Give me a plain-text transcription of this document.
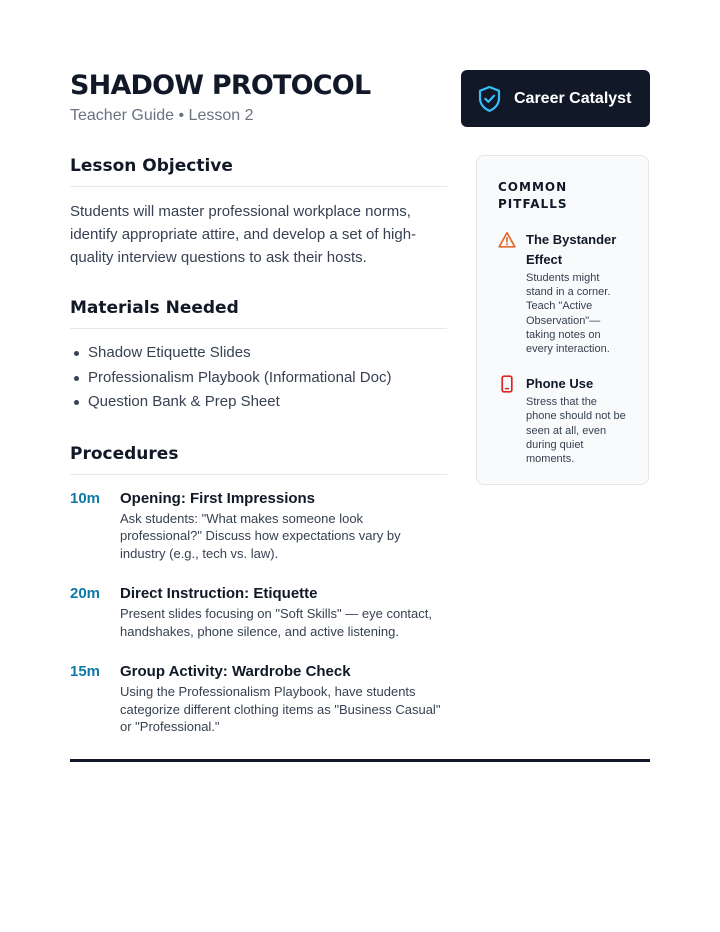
SHADOW PROTOCOL
Teacher Guide • Lesson 2
Career Catalyst
Lesson Objective

Students will master professional workplace norms, identify appropriate attire, and develop a set of high-quality interview questions to ask their hosts.

Materials Needed
Shadow Etiquette Slides
Professionalism Playbook (Informational Doc)
Question Bank & Prep Sheet
Procedures
10m	Opening: First Impressions
Ask students: "What makes someone look professional?" Discuss how expectations vary by industry (e.g., tech vs. law).
20m	Direct Instruction: Etiquette
Present slides focusing on "Soft Skills" — eye contact, handshakes, phone silence, and active listening.
15m	Group Activity: Wardrobe Check
Using the Professionalism Playbook, have students categorize different clothing items as "Business Casual" or "Professional."
COMMON PITFALLS
The Bystander Effect
Students might stand in a corner. Teach "Active Observation"—taking notes on every interaction.
Phone Use
Stress that the phone should not be seen at all, even during quiet moments.
